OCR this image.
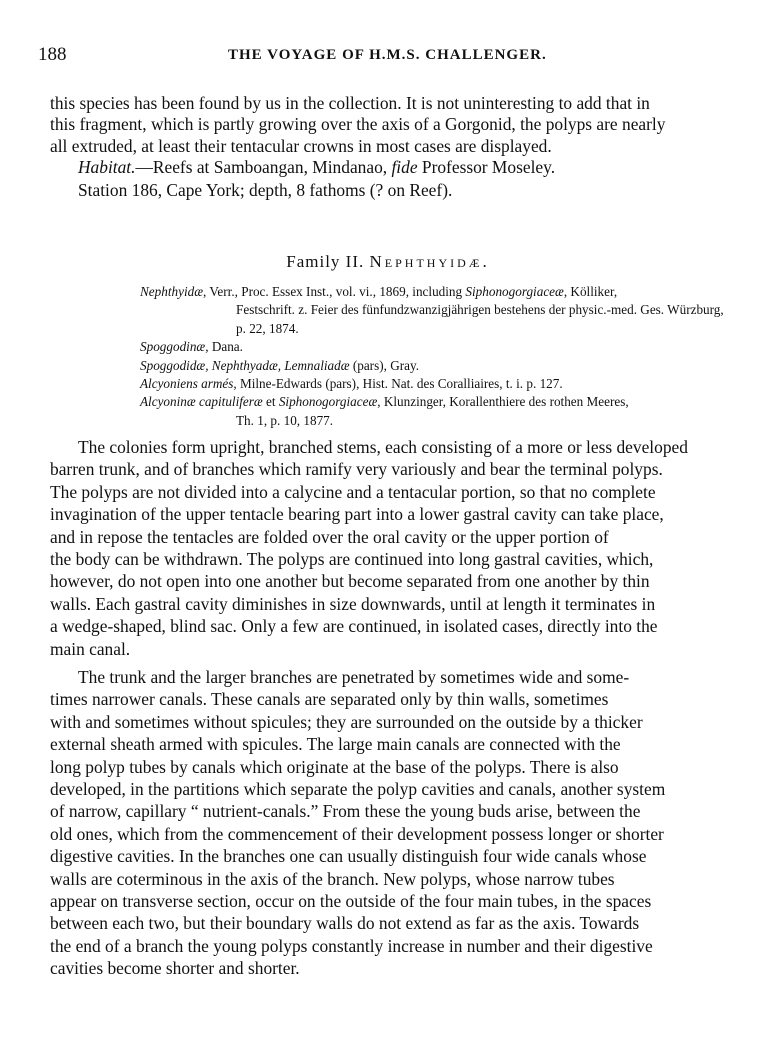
188	THE VOYAGE OF H.M.S. CHALLENGER.

this species has been found by us in the collection. It is not uninteresting to add that in
this fragment, which is partly growing over the axis of a Gorgonid, the polyps are nearly
all extruded, at least their tentacular crowns in most cases are displayed.

Habitat.—Reefs at Samboangan, Mindanao, fide Professor Moseley.

Station 186, Cape York; depth, 8 fathoms (? on Reef).

Family II. Nephthyidæ.
Nephthyidæ, Verr., Proc. Essex Inst., vol. vi., 1869, including Siphonogorgiaceæ, Kölliker,
Festschrift. z. Feier des fünfundzwanzigjährigen bestehens der physic.-med. Ges. Würzburg, p. 22, 1874.
Spoggodinæ, Dana.
Spoggodidæ, Nephthyadæ, Lemnaliadæ (pars), Gray.
Alcyoniens armés, Milne-Edwards (pars), Hist. Nat. des Coralliaires, t. i. p. 127.
Alcyoninæ capituliferæ et Siphonogorgiaceæ, Klunzinger, Korallenthiere des rothen Meeres,
Th. 1, p. 10, 1877.

The colonies form upright, branched stems, each consisting of a more or less developed
barren trunk, and of branches which ramify very variously and bear the terminal polyps.
The polyps are not divided into a calycine and a tentacular portion, so that no complete
invagination of the upper tentacle bearing part into a lower gastral cavity can take place,
and in repose the tentacles are folded over the oral cavity or the upper portion of
the body can be withdrawn. The polyps are continued into long gastral cavities, which,
however, do not open into one another but become separated from one another by thin
walls. Each gastral cavity diminishes in size downwards, until at length it terminates in
a wedge-shaped, blind sac. Only a few are continued, in isolated cases, directly into the
main canal.

The trunk and the larger branches are penetrated by sometimes wide and some-
times narrower canals. These canals are separated only by thin walls, sometimes
with and sometimes without spicules; they are surrounded on the outside by a thicker
external sheath armed with spicules. The large main canals are connected with the
long polyp tubes by canals which originate at the base of the polyps. There is also
developed, in the partitions which separate the polyp cavities and canals, another system
of narrow, capillary “ nutrient-canals.” From these the young buds arise, between the
old ones, which from the commencement of their development possess longer or shorter
digestive cavities. In the branches one can usually distinguish four wide canals whose
walls are coterminous in the axis of the branch. New polyps, whose narrow tubes
appear on transverse section, occur on the outside of the four main tubes, in the spaces
between each two, but their boundary walls do not extend as far as the axis. Towards
the end of a branch the young polyps constantly increase in number and their digestive
cavities become shorter and shorter.
